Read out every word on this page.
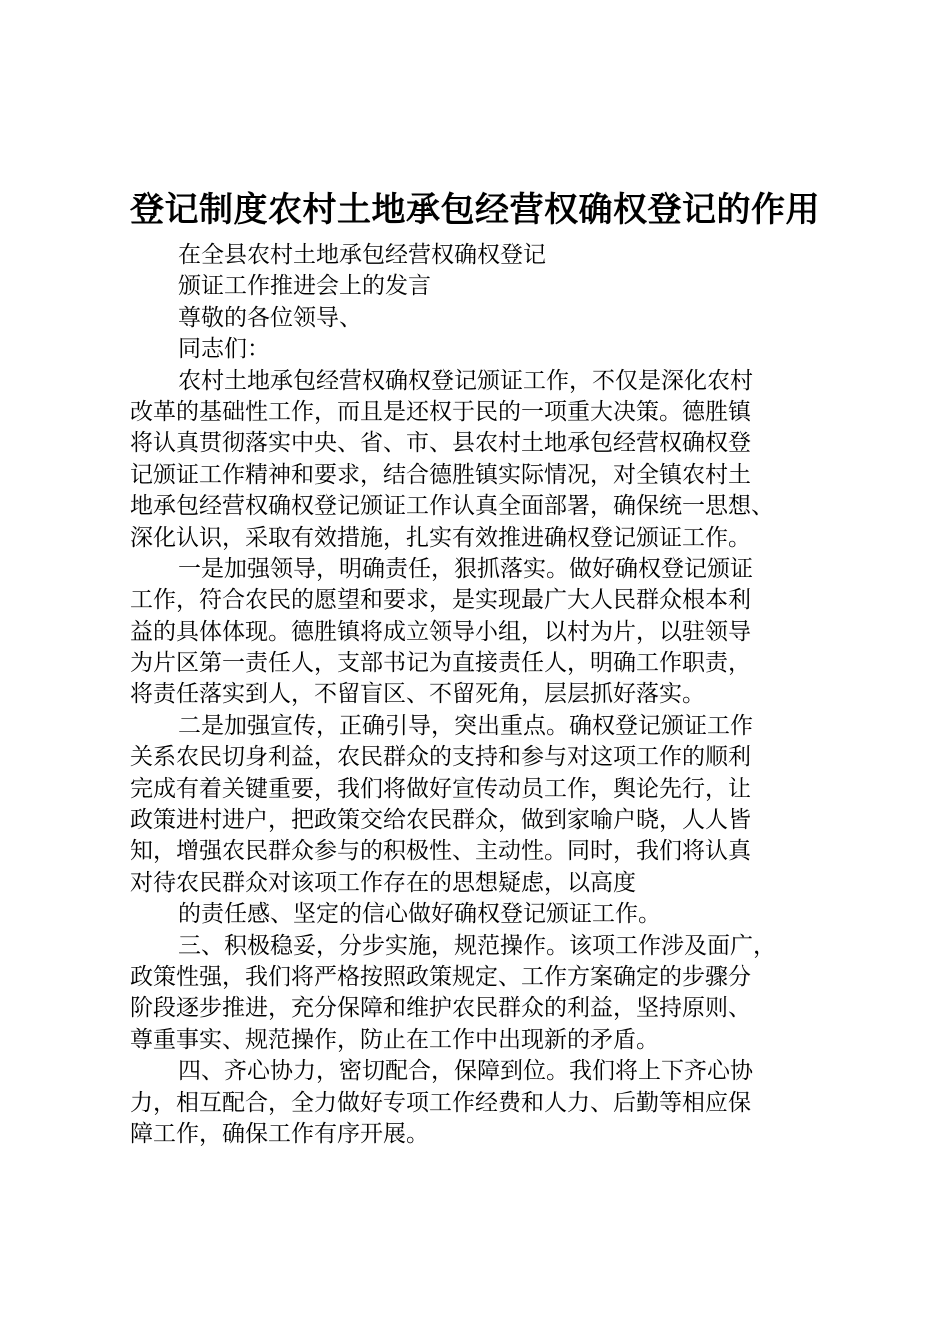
登记制度农村土地承包经营权确权登记的作用
在全县农村土地承包经营权确权登记
颁证工作推进会上的发言
尊敬的各位领导、
同志们：
农村土地承包经营权确权登记颁证工作，不仅是深化农村
改革的基础性工作，而且是还权于民的一项重大决策。德胜镇
将认真贯彻落实中央、省、市、县农村土地承包经营权确权登
记颁证工作精神和要求，结合德胜镇实际情况，对全镇农村土
地承包经营权确权登记颁证工作认真全面部署，确保统一思想、
深化认识，采取有效措施，扎实有效推进确权登记颁证工作。
一是加强领导，明确责任，狠抓落实。做好确权登记颁证
工作，符合农民的愿望和要求，是实现最广大人民群众根本利
益的具体体现。德胜镇将成立领导小组，以村为片，以驻领导
为片区第一责任人，支部书记为直接责任人，明确工作职责，
将责任落实到人，不留盲区、不留死角，层层抓好落实。
二是加强宣传，正确引导，突出重点。确权登记颁证工作
关系农民切身利益，农民群众的支持和参与对这项工作的顺利
完成有着关键重要，我们将做好宣传动员工作，舆论先行，让
政策进村进户，把政策交给农民群众，做到家喻户晓，人人皆
知，增强农民群众参与的积极性、主动性。同时，我们将认真
对待农民群众对该项工作存在的思想疑虑，以高度
的责任感、坚定的信心做好确权登记颁证工作。
三、积极稳妥，分步实施，规范操作。该项工作涉及面广，
政策性强，我们将严格按照政策规定、工作方案确定的步骤分
阶段逐步推进，充分保障和维护农民群众的利益，坚持原则、
尊重事实、规范操作，防止在工作中出现新的矛盾。
四、齐心协力，密切配合，保障到位。我们将上下齐心协
力，相互配合，全力做好专项工作经费和人力、后勤等相应保
障工作，确保工作有序开展。
